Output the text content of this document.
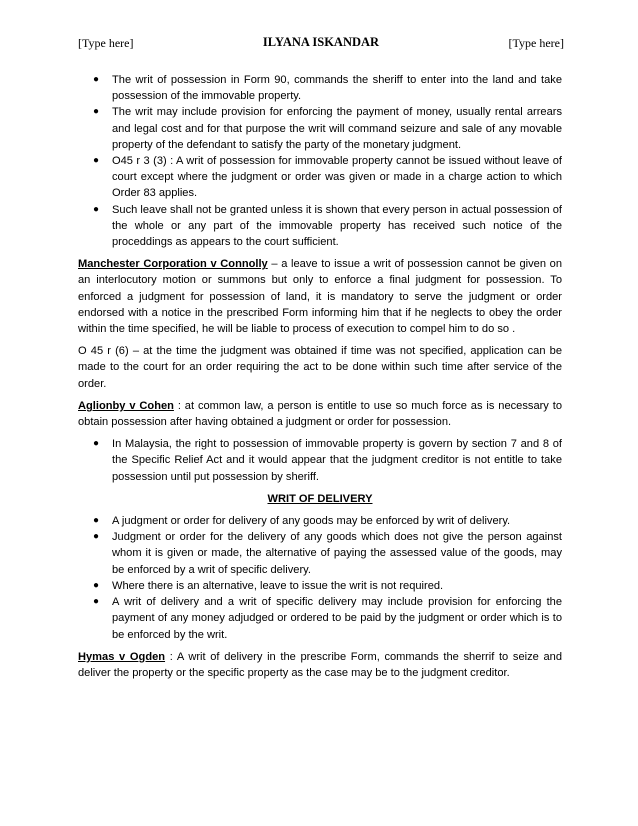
[Type here]	ILYANA ISKANDAR	[Type here]
● The writ of possession in Form 90, commands the sheriff to enter into the land and take possession of the immovable property.
● The writ may include provision for enforcing the payment of money, usually rental arrears and legal cost and for that purpose the writ will command seizure and sale of any movable property of the defendant to satisfy the party of the monetary judgment.
● O45 r 3 (3) : A writ of possession for immovable property cannot be issued without leave of court except where the judgment or order was given or made in a charge action to which Order 83 applies.
● Such leave shall not be granted unless it is shown that every person in actual possession of the whole or any part of the immovable property has received such notice of the proceddings as appears to the court sufficient.

Manchester Corporation v Connolly – a leave to issue a writ of possession cannot be given on an interlocutory motion or summons but only to enforce a final judgment for possession. To enforced a judgment for possession of land, it is mandatory to serve the judgment or order endorsed with a notice in the prescribed Form informing him that if he neglects to obey the order within the time specified, he will be liable to process of execution to compel him to do so .

O 45 r (6) – at the time the judgment was obtained if time was not specified, application can be made to the court for an order requiring the act to be done within such time after service of the order.

Aglionby v Cohen : at common law, a person is entitle to use so much force as is necessary to obtain possession after having obtained a judgment or order for possession.

● In Malaysia, the right to possession of immovable property is govern by section 7 and 8 of the Specific Relief Act and it would appear that the judgment creditor is not entitle to take possession until put possession by sheriff.

WRIT OF DELIVERY

● A judgment or order for delivery of any goods may be enforced by writ of delivery.
● Judgment or order for the delivery of any goods which does not give the person against whom it is given or made, the alternative of paying the assessed value of the goods, may be enforced by a writ of specific delivery.
● Where there is an alternative, leave to issue the writ is not required.
● A writ of delivery and a writ of specific delivery may include provision for enforcing the payment of any money adjudged or ordered to be paid by the judgment or order which is to be enforced by the writ.

Hymas v Ogden : A writ of delivery in the prescribe Form, commands the sherrif to seize and deliver the property or the specific property as the case may be to the judgment creditor.
